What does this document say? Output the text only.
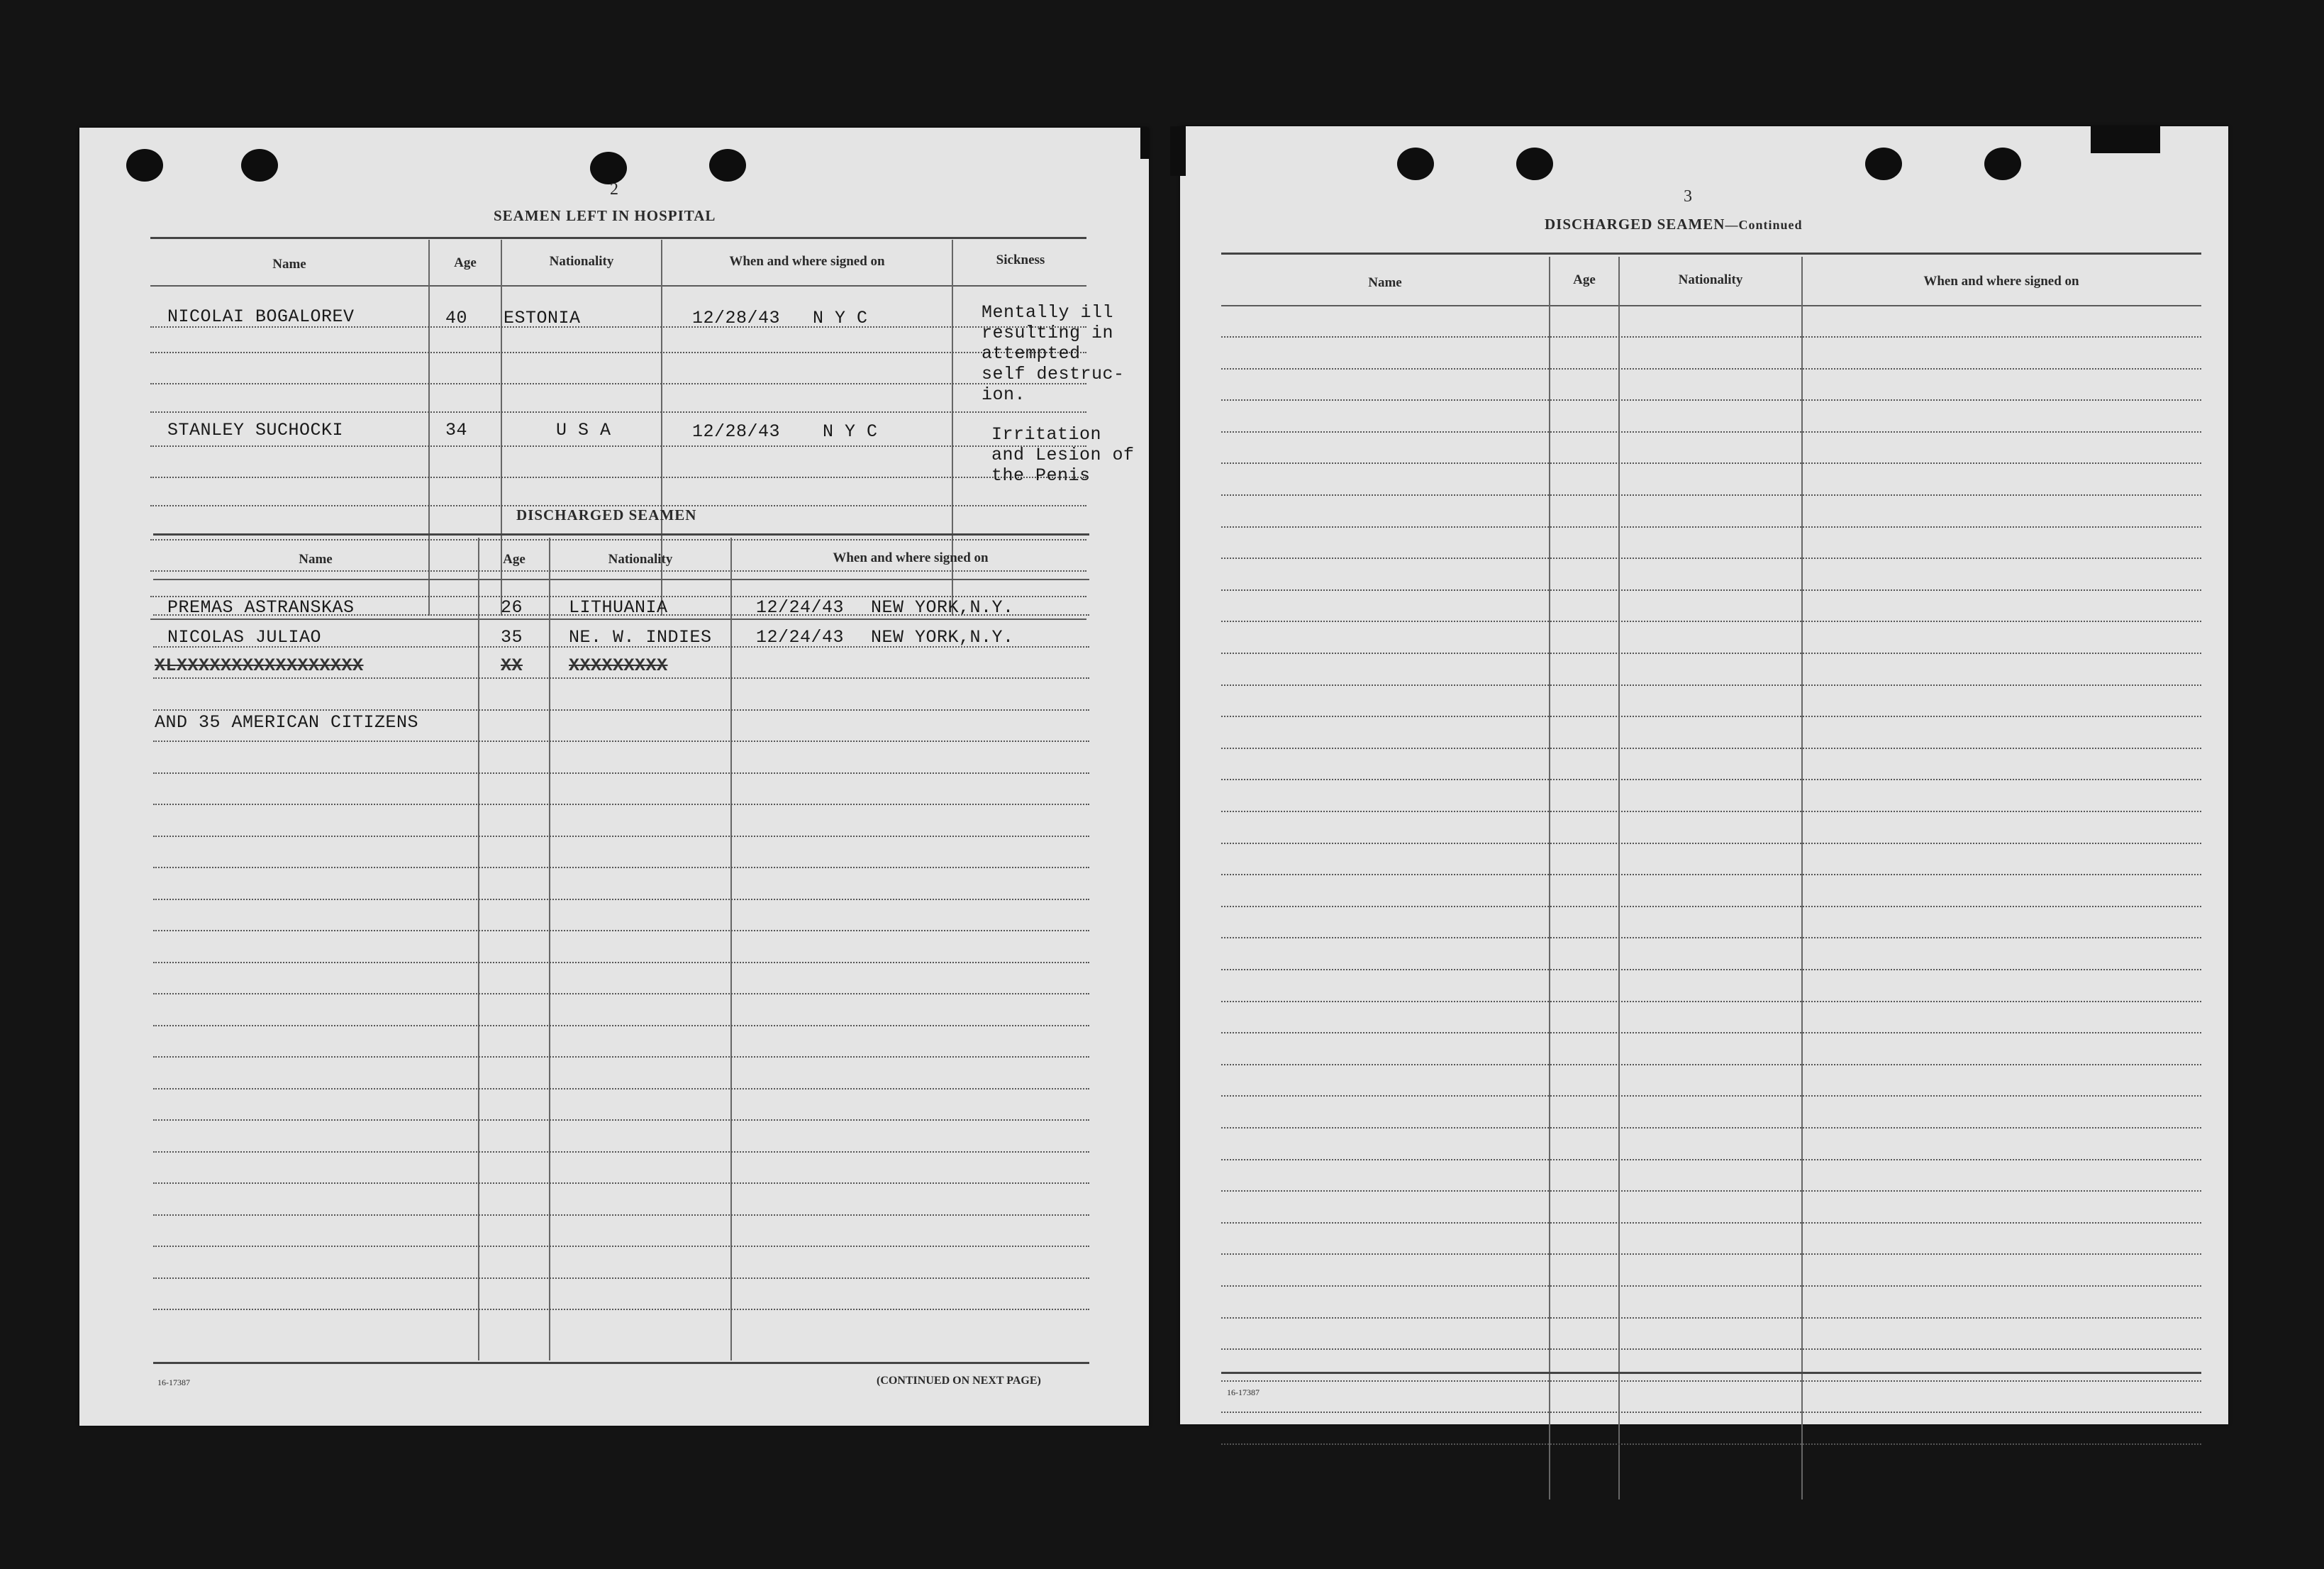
2
SEAMEN LEFT IN HOSPITAL
Name	Age	Nationality	When and where signed on	Sickness
NICOLAI BOGALOREV	40 ESTONIA	12/28/43 N Y C	Mentally ill resulting in attempted self destruc- ion.
STANLEY SUCHOCKI	34	U S A	12/28/43 N Y C	Irritation and Lesion of the Penis
DISCHARGED SEAMEN
Name	Age	Nationality	When and where signed on
PREMAS ASTRANSKAS	26	LITHUANIA	12/24/43 NEW YORK,N.Y.
NICOLAS JULIAO	35	NE. W. INDIES 12/24/43 NEW YORK,N.Y.
XLXXXXXXXXXXXXXXXXX	XX	XXXXXXXXX
AND 35 AMERICAN CITIZENS
16-17387	(CONTINUED ON NEXT PAGE)
3
DISCHARGED SEAMEN—Continued
Name	Age	Nationality	When and where signed on
16-17387
